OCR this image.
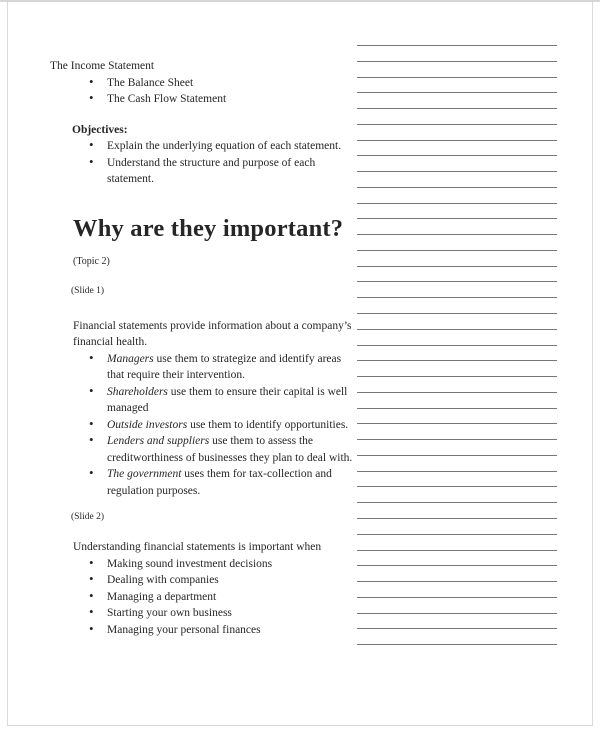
The Income Statement

• The Balance Sheet
• The Cash Flow Statement

Objectives:

• Explain the underlying equation of each statement.
• Understand the structure and purpose of each statement.
Why are they important? (Topic 2)

(Slide 1)

Financial statements provide information about a company’s financial health.

• Managers use them to strategize and identify areas that require their intervention.
• Shareholders use them to ensure their capital is well managed
• Outside investors use them to identify opportunities.
• Lenders and suppliers use them to assess the creditworthiness of businesses they plan to deal with.
• The government uses them for tax-collection and regulation purposes.

(Slide 2)

Understanding financial statements is important when

• Making sound investment decisions
• Dealing with companies
• Managing a department
• Starting your own business
• Managing your personal finances
